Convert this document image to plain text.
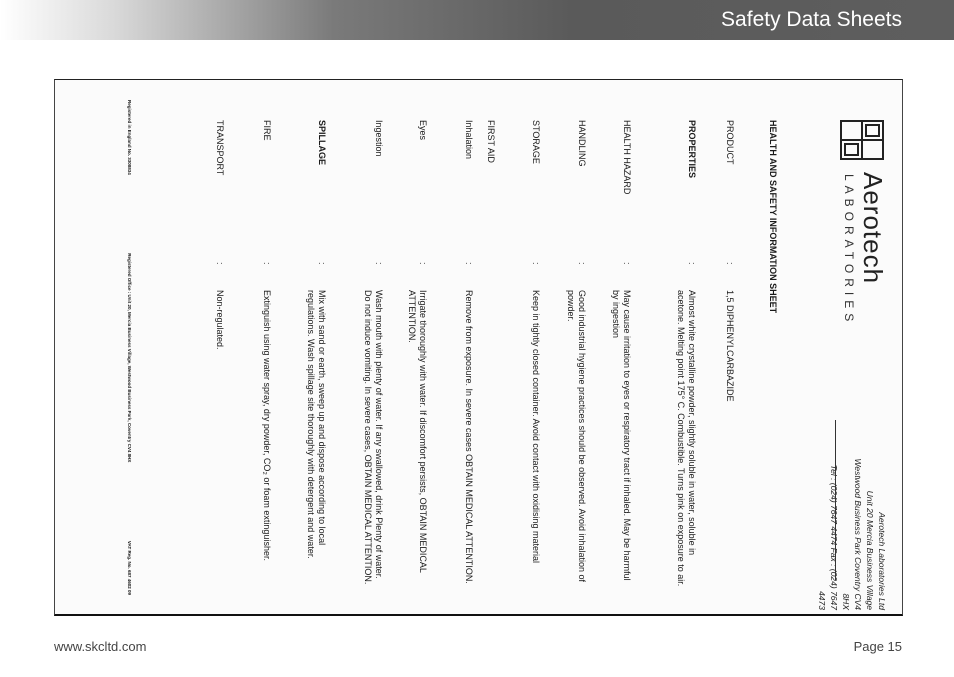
Safety Data Sheets
Aerotech
LABORATORIES
Aerotech Laboratories Ltd
Unit 20 Mercia Business Village
Westwood Business Park Coventry CV4 8HX
Tel : (024) 7647 4474 Fax : (024) 7647 4473
HEALTH AND SAFETY INFORMATION SHEET
PRODUCT
:
1,5 DIPHENYLCARBAZIDE
PROPERTIES
:
Almost white crystalline powder, slightly soluble in water, soluble in acetone. Melting point 175° C. Combustible. Turns pink on exposure to air.
HEALTH HAZARD
:
May cause irritation to eyes or respiratory tract if inhaled. May be harmful by ingestion
HANDLING
:
Good industrial hygiene practices should be observed. Avoid inhalation of powder.
STORAGE
:
Keep in tightly closed container. Avoid contact with oxidising material
FIRST AID
Inhalation
:
Remove from exposure. In severe cases OBTAIN MEDICAL ATTENTION.
Eyes
:
Irrigate thoroughly with water. If discomfort persists, OBTAIN MEDICAL ATTENTION.
Ingestion
:
Wash mouth with plenty of water. If any swallowed, drink Plenty of water. Do not induce vomiting. In severe cases, OBTAIN MEDICAL ATTENTION.
SPILLAGE
:
Mix with sand or earth, sweep up and dispose according to local regulations. Wash spillage site thoroughly with detergent and water.
FIRE
:
Extinguish using water spray, dry powder, CO₂ or foam extinguisher.
TRANSPORT
:
Non-regulated.
Registered in England No. 3308834
Registered Office : Unit 20, Mercia Business Village, Westwood Business Park, Coventry CV4 8HX
VAT Reg. No. 687 4602 09
www.skcltd.com	Page 15
